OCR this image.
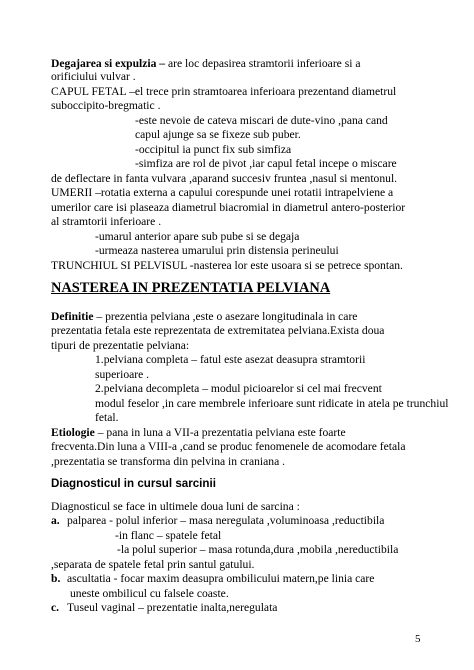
Degajarea si expulzia – are loc depasirea stramtorii inferioare si a
orificiului vulvar .
CAPUL FETAL –el trece prin stramtoarea inferioara prezentand diametrul
suboccipito-bregmatic .
-este nevoie de cateva miscari de dute-vino ,pana cand
capul ajunge sa se fixeze sub puber.
-occipitul ia punct fix sub simfiza
-simfiza are rol de pivot ,iar capul fetal incepe o miscare
de deflectare in fanta vulvara ,aparand succesiv fruntea ,nasul si mentonul.
UMERII –rotatia externa a capului corespunde unei rotatii intrapelviene a
umerilor care isi plaseaza diametrul biacromial in diametrul antero-posterior
al stramtorii inferioare .
-umarul anterior apare sub pube si se degaja
-urmeaza nasterea umarului prin distensia perineului
TRUNCHIUL SI PELVISUL -nasterea lor este usoara si se petrece spontan.
NASTEREA IN PREZENTATIA PELVIANA
Definitie – prezentia pelviana ,este o asezare longitudinala in care
prezentatia fetala este reprezentata de extremitatea pelviana.Exista doua
tipuri de prezentatie pelviana:
1.pelviana completa – fatul este asezat deasupra stramtorii
superioare .
2.pelviana decompleta – modul picioarelor si cel mai frecvent
modul feselor ,in care membrele inferioare sunt ridicate in atela pe trunchiul
fetal.
Etiologie – pana in luna a VII-a prezentatia pelviana este foarte
frecventa.Din luna a VIII-a ,cand se produc fenomenele de acomodare fetala
,prezentatia se transforma din pelvina in craniana .
Diagnosticul in cursul sarcinii
Diagnosticul se face in ultimele doua luni de sarcina :
a. palparea - polul inferior – masa neregulata ,voluminoasa ,reductibila
-in flanc – spatele fetal
-la polul superior – masa rotunda,dura ,mobila ,nereductibila
,separata de spatele fetal prin santul gatului.
b. ascultatia - focar maxim deasupra ombilicului matern,pe linia care
uneste ombilicul cu falsele coaste.
c. Tuseul vaginal – prezentatie inalta,neregulata
5
